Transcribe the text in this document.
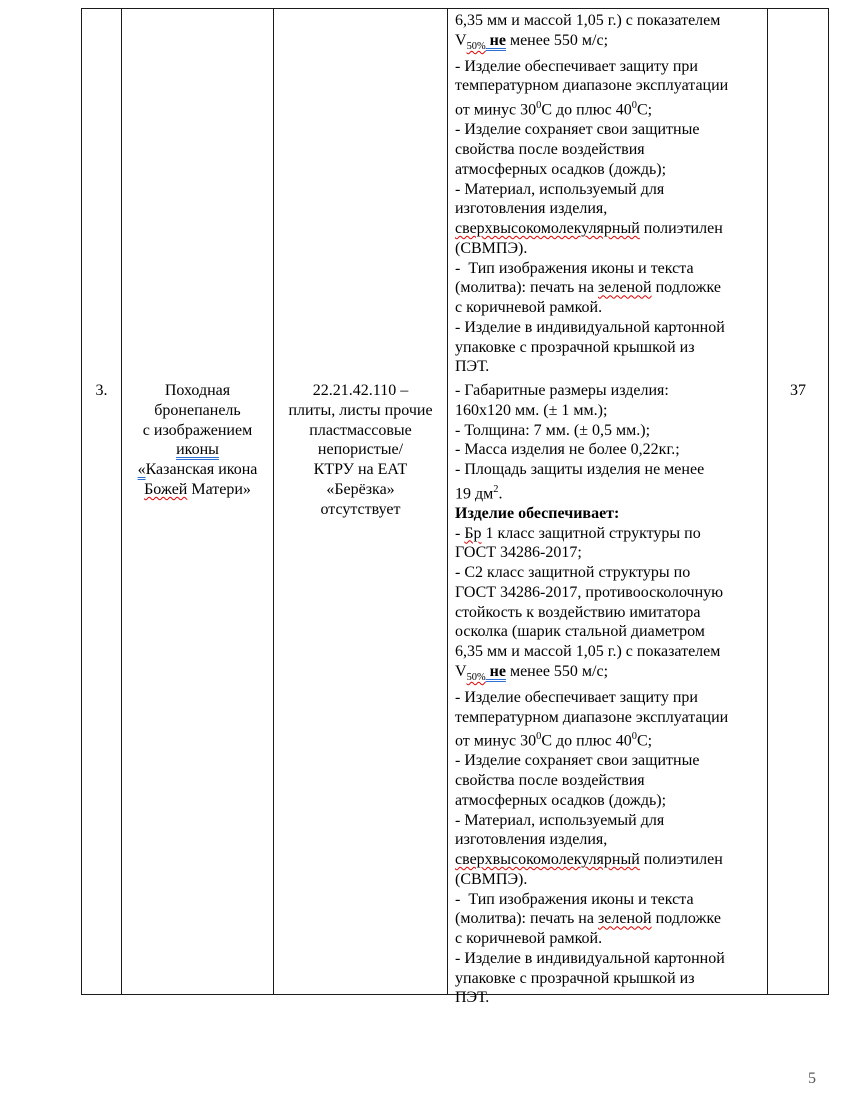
6,35 мм и массой 1,05 г.) с показателем
$V_{50\%}$ не менее 550 м/с;
- Изделие обеспечивает защиту при
температурном диапазоне эксплуатации
от минус $30^0С$ до плюс $40^0С$;
- Изделие сохраняет свои защитные
свойства после воздействия
атмосферных осадков (дождь);
- Материал, используемый для
изготовления изделия,
сверхвысокомолекулярный полиэтилен
(СВМПЭ).
-  Тип изображения иконы и текста
(молитва): печать на зеленой подложке
с коричневой рамкой.
- Изделие в индивидуальной картонной
упаковке с прозрачной крышкой из
ПЭТ.
3.	Походная
бронепанель
с изображением
иконы
«Казанская икона
Божей Матери»
22.21.42.110 –
плиты, листы прочие
пластмассовые
непористые/
КТРУ на ЕАТ
«Берёзка»
отсутствует
- Габаритные размеры изделия:
160х120 мм. (± 1 мм.);
- Толщина: 7 мм. (± 0,5 мм.);
- Масса изделия не более 0,22кг.;
- Площадь защиты изделия не менее
19 $дм^2$.
Изделие обеспечивает:
- Бр 1 класс защитной структуры по
ГОСТ 34286-2017;
- С2 класс защитной структуры по
ГОСТ 34286-2017, противоосколочную
стойкость к воздействию имитатора
осколка (шарик стальной диаметром
6,35 мм и массой 1,05 г.) с показателем
$V_{50\%}$ не менее 550 м/с;
- Изделие обеспечивает защиту при
температурном диапазоне эксплуатации
от минус $30^0С$ до плюс $40^0С$;
- Изделие сохраняет свои защитные
свойства после воздействия
атмосферных осадков (дождь);
- Материал, используемый для
изготовления изделия,
сверхвысокомолекулярный полиэтилен
(СВМПЭ).
-  Тип изображения иконы и текста
(молитва): печать на зеленой подложке
с коричневой рамкой.
- Изделие в индивидуальной картонной
упаковке с прозрачной крышкой из
ПЭТ.
37
5
